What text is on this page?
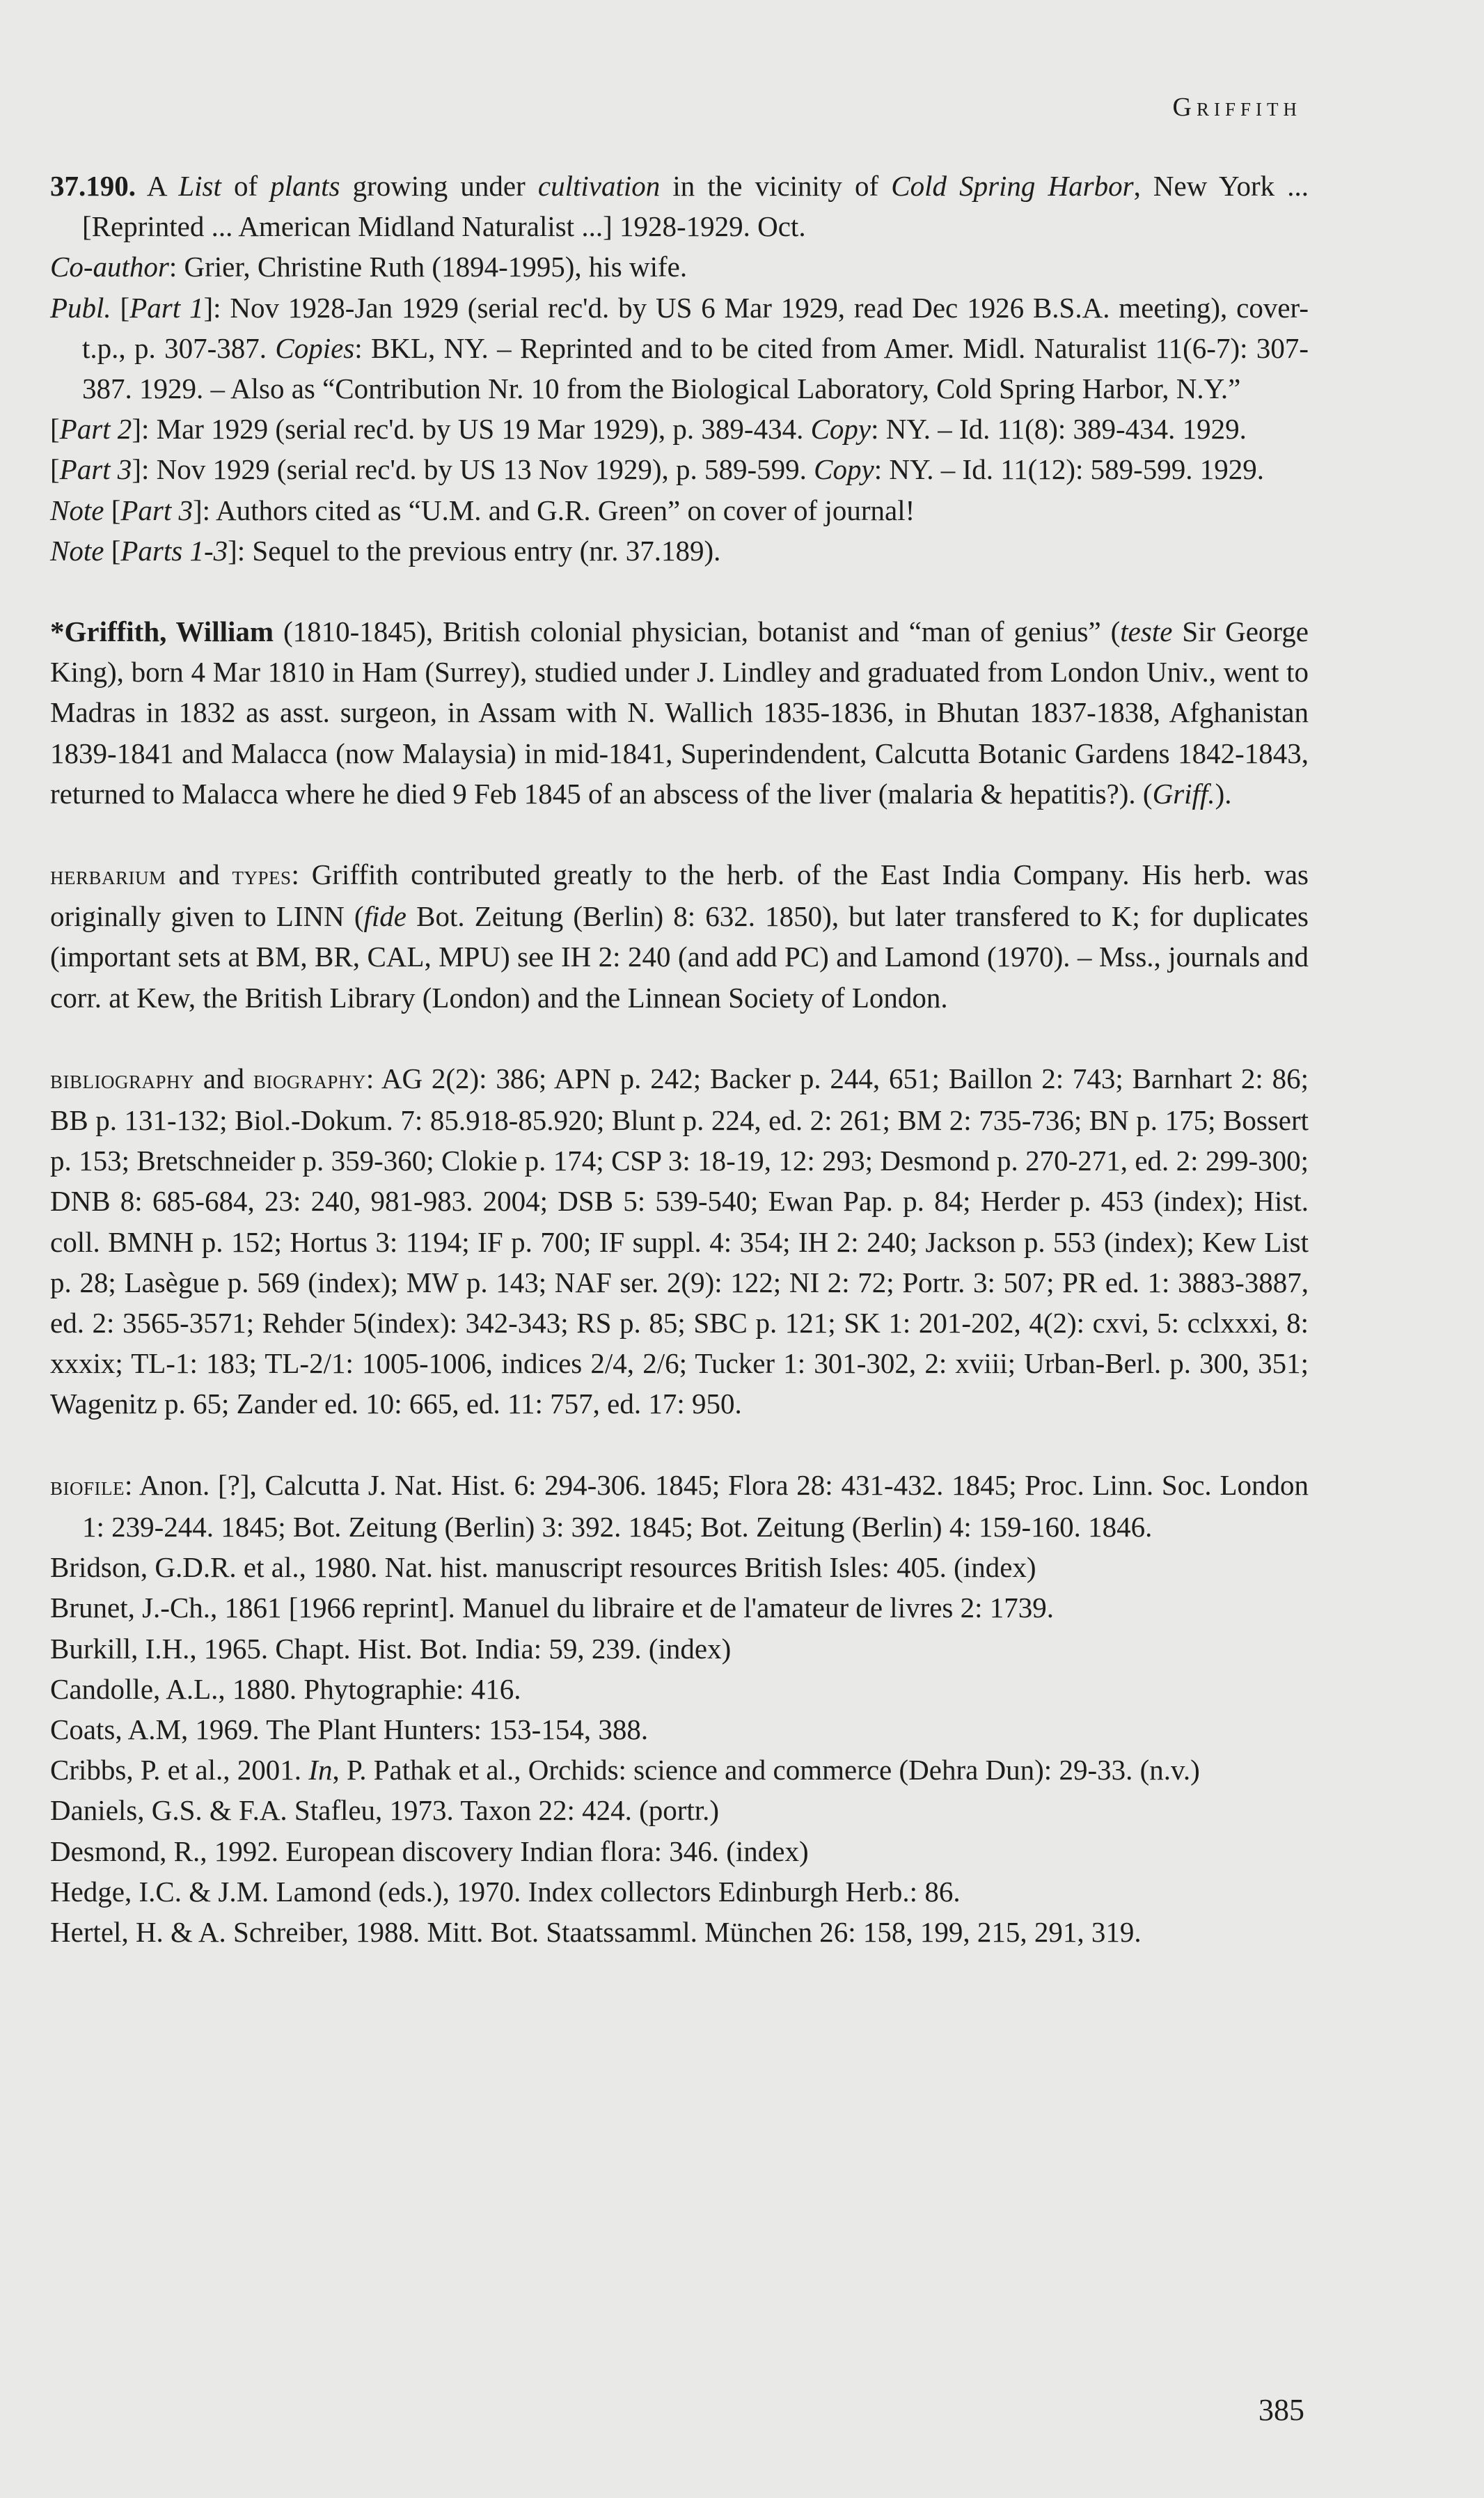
Griffith

37.190. A List of plants growing under cultivation in the vicinity of Cold Spring Harbor, New York ... [Reprinted ... American Midland Naturalist ...] 1928-1929. Oct.

Co-author: Grier, Christine Ruth (1894-1995), his wife.

Publ. [Part 1]: Nov 1928-Jan 1929 (serial rec'd. by US 6 Mar 1929, read Dec 1926 B.S.A. meeting), cover-t.p., p. 307-387. Copies: BKL, NY. – Reprinted and to be cited from Amer. Midl. Naturalist 11(6-7): 307-387. 1929. – Also as “Contribution Nr. 10 from the Biological Laboratory, Cold Spring Harbor, N.Y.”

[Part 2]: Mar 1929 (serial rec'd. by US 19 Mar 1929), p. 389-434. Copy: NY. – Id. 11(8): 389-434. 1929.

[Part 3]: Nov 1929 (serial rec'd. by US 13 Nov 1929), p. 589-599. Copy: NY. – Id. 11(12): 589-599. 1929.

Note [Part 3]: Authors cited as “U.M. and G.R. Green” on cover of journal!

Note [Parts 1-3]: Sequel to the previous entry (nr. 37.189).

*Griffith, William (1810-1845), British colonial physician, botanist and “man of genius” (teste Sir George King), born 4 Mar 1810 in Ham (Surrey), studied under J. Lindley and graduated from London Univ., went to Madras in 1832 as asst. surgeon, in Assam with N. Wallich 1835-1836, in Bhutan 1837-1838, Afghanistan 1839-1841 and Malacca (now Malaysia) in mid-1841, Superindendent, Calcutta Botanic Gardens 1842-1843, returned to Malacca where he died 9 Feb 1845 of an abscess of the liver (malaria & hepatitis?). (Griff.).

herbarium and types: Griffith contributed greatly to the herb. of the East India Company. His herb. was originally given to LINN (fide Bot. Zeitung (Berlin) 8: 632. 1850), but later transfered to K; for duplicates (important sets at BM, BR, CAL, MPU) see IH 2: 240 (and add PC) and Lamond (1970). – Mss., journals and corr. at Kew, the British Library (London) and the Linnean Society of London.

bibliography and biography: AG 2(2): 386; APN p. 242; Backer p. 244, 651; Baillon 2: 743; Barnhart 2: 86; BB p. 131-132; Biol.-Dokum. 7: 85.918-85.920; Blunt p. 224, ed. 2: 261; BM 2: 735-736; BN p. 175; Bossert p. 153; Bretschneider p. 359-360; Clokie p. 174; CSP 3: 18-19, 12: 293; Desmond p. 270-271, ed. 2: 299-300; DNB 8: 685-684, 23: 240, 981-983. 2004; DSB 5: 539-540; Ewan Pap. p. 84; Herder p. 453 (index); Hist. coll. BMNH p. 152; Hortus 3: 1194; IF p. 700; IF suppl. 4: 354; IH 2: 240; Jackson p. 553 (index); Kew List p. 28; Lasègue p. 569 (index); MW p. 143; NAF ser. 2(9): 122; NI 2: 72; Portr. 3: 507; PR ed. 1: 3883-3887, ed. 2: 3565-3571; Rehder 5(index): 342-343; RS p. 85; SBC p. 121; SK 1: 201-202, 4(2): cxvi, 5: cclxxxi, 8: xxxix; TL-1: 183; TL-2/1: 1005-1006, indices 2/4, 2/6; Tucker 1: 301-302, 2: xviii; Urban-Berl. p. 300, 351; Wagenitz p. 65; Zander ed. 10: 665, ed. 11: 757, ed. 17: 950.

biofile: Anon. [?], Calcutta J. Nat. Hist. 6: 294-306. 1845; Flora 28: 431-432. 1845; Proc. Linn. Soc. London 1: 239-244. 1845; Bot. Zeitung (Berlin) 3: 392. 1845; Bot. Zeitung (Berlin) 4: 159-160. 1846.

Bridson, G.D.R. et al., 1980. Nat. hist. manuscript resources British Isles: 405. (index)

Brunet, J.-Ch., 1861 [1966 reprint]. Manuel du libraire et de l'amateur de livres 2: 1739.

Burkill, I.H., 1965. Chapt. Hist. Bot. India: 59, 239. (index)

Candolle, A.L., 1880. Phytographie: 416.

Coats, A.M, 1969. The Plant Hunters: 153-154, 388.

Cribbs, P. et al., 2001. In, P. Pathak et al., Orchids: science and commerce (Dehra Dun): 29-33. (n.v.)

Daniels, G.S. & F.A. Stafleu, 1973. Taxon 22: 424. (portr.)

Desmond, R., 1992. European discovery Indian flora: 346. (index)

Hedge, I.C. & J.M. Lamond (eds.), 1970. Index collectors Edinburgh Herb.: 86.

Hertel, H. & A. Schreiber, 1988. Mitt. Bot. Staatssamml. München 26: 158, 199, 215, 291, 319.

385
